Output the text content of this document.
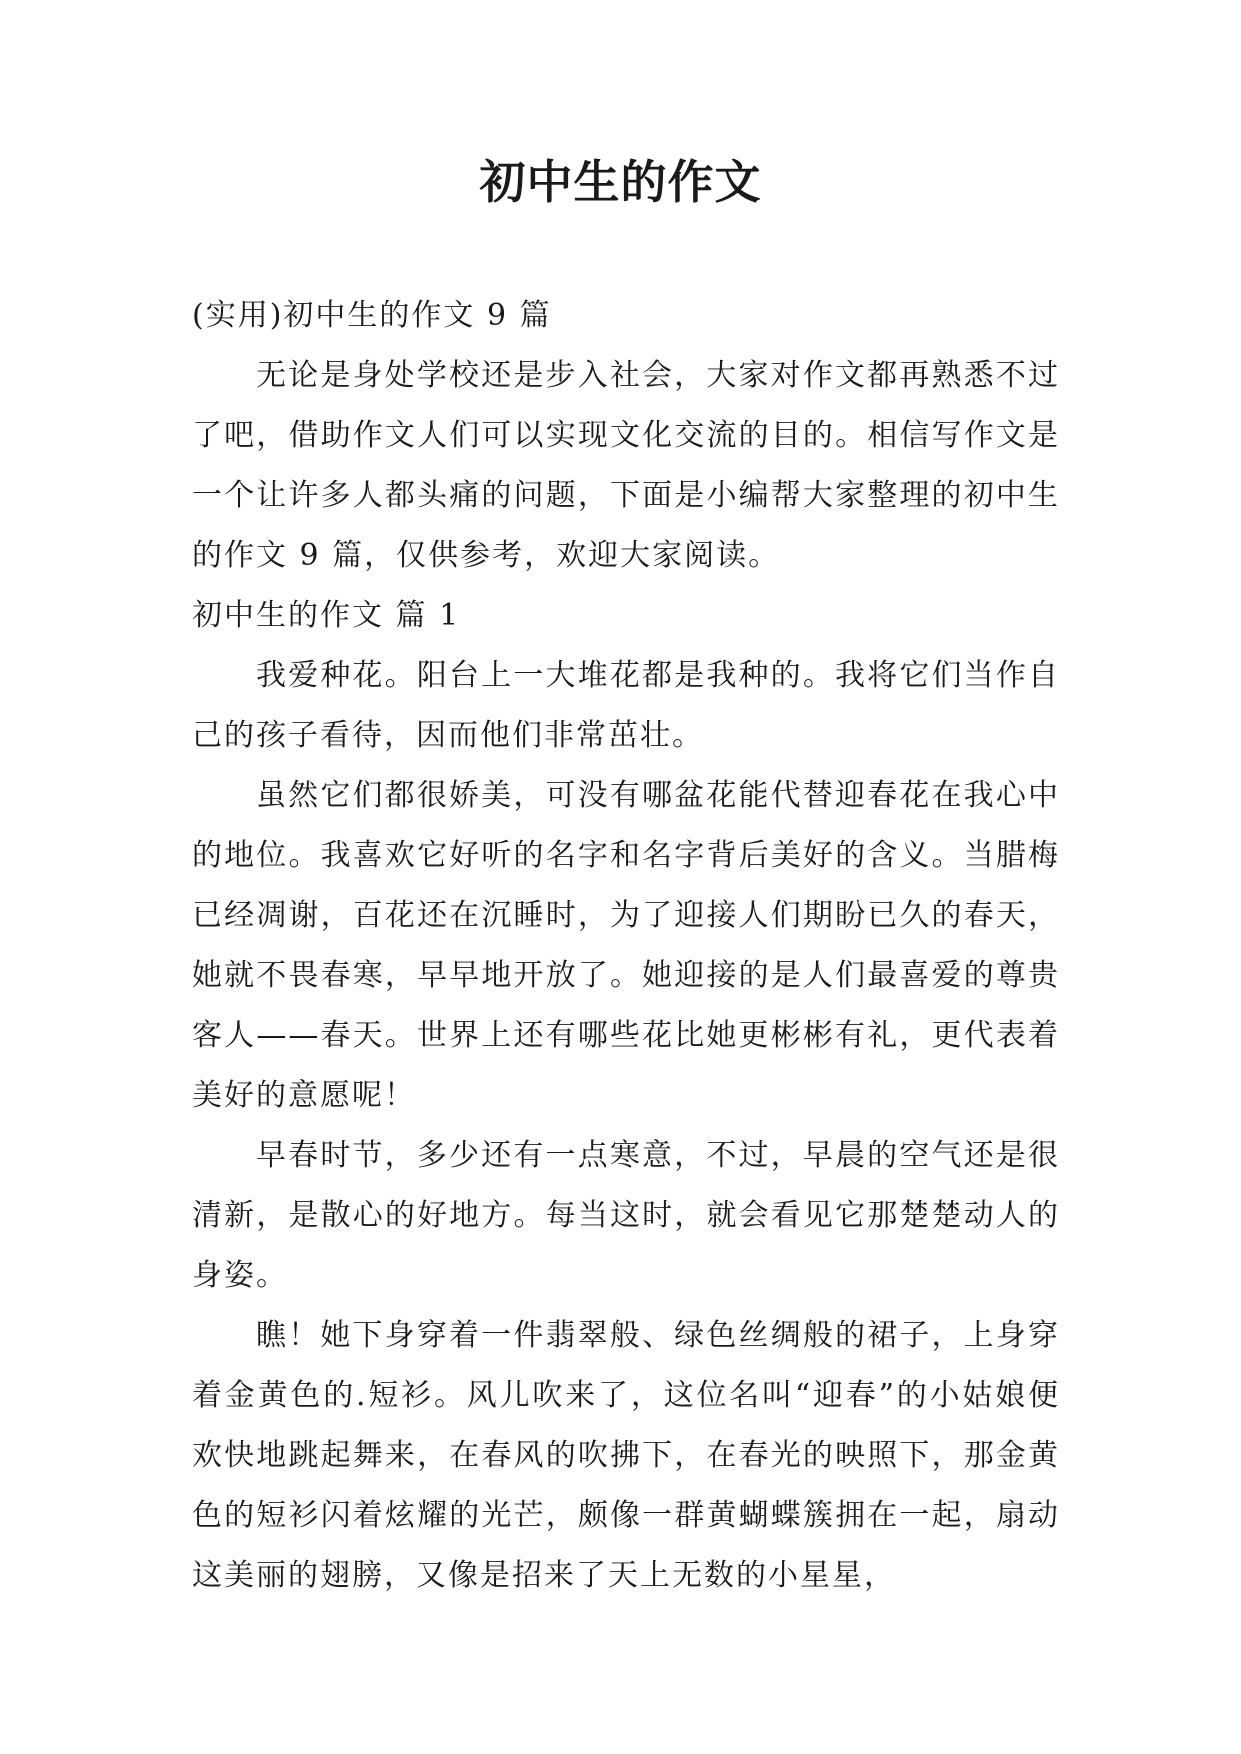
初中生的作文

(实用)初中生的作文 9 篇

无论是身处学校还是步入社会，大家对作文都再熟悉不过了吧，借助作文人们可以实现文化交流的目的。相信写作文是一个让许多人都头痛的问题，下面是小编帮大家整理的初中生的作文 9 篇，仅供参考，欢迎大家阅读。

初中生的作文 篇 1

我爱种花。阳台上一大堆花都是我种的。我将它们当作自己的孩子看待，因而他们非常茁壮。

虽然它们都很娇美，可没有哪盆花能代替迎春花在我心中的地位。我喜欢它好听的名字和名字背后美好的含义。当腊梅已经凋谢，百花还在沉睡时，为了迎接人们期盼已久的春天，她就不畏春寒，早早地开放了。她迎接的是人们最喜爱的尊贵客人——春天。世界上还有哪些花比她更彬彬有礼，更代表着美好的意愿呢！

早春时节，多少还有一点寒意，不过，早晨的空气还是很清新，是散心的好地方。每当这时，就会看见它那楚楚动人的身姿。

瞧！她下身穿着一件翡翠般、绿色丝绸般的裙子，上身穿着金黄色的.短衫。风儿吹来了，这位名叫“迎春”的小姑娘便欢快地跳起舞来，在春风的吹拂下，在春光的映照下，那金黄色的短衫闪着炫耀的光芒，颇像一群黄蝴蝶簇拥在一起，扇动这美丽的翅膀，又像是招来了天上无数的小星星，
